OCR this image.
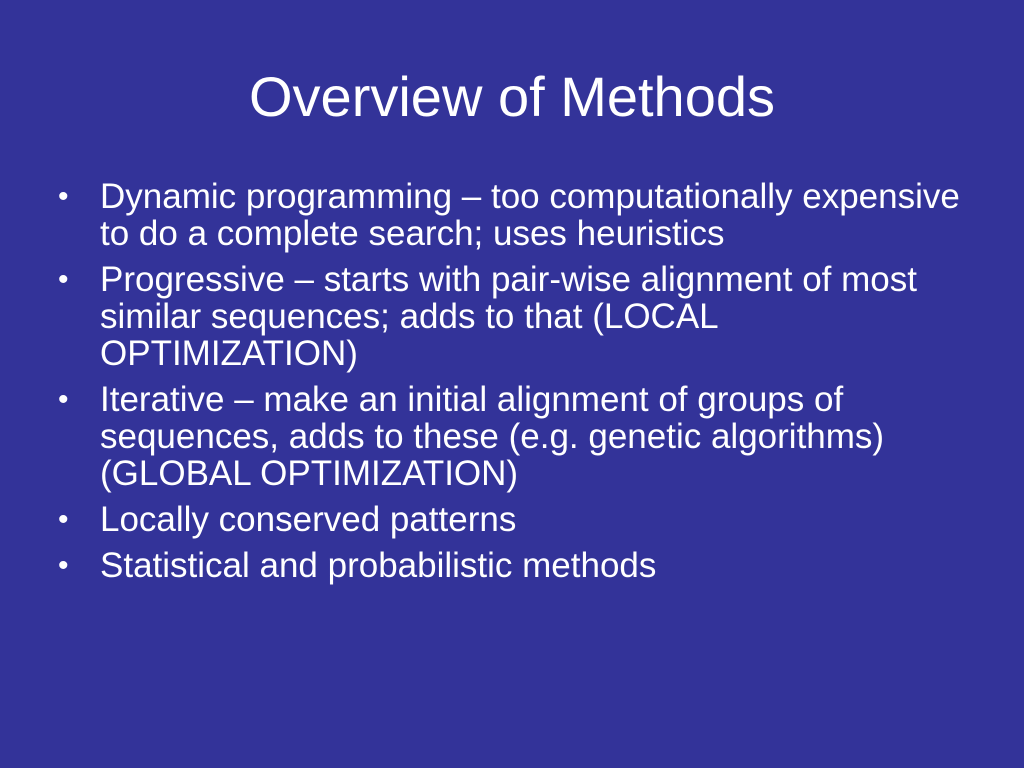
Overview of Methods
• Dynamic programming – too computationally expensive to do a complete search; uses heuristics
• Progressive – starts with pair-wise alignment of most similar sequences; adds to that (LOCAL OPTIMIZATION)
• Iterative – make an initial alignment of groups of sequences, adds to these (e.g. genetic algorithms) (GLOBAL OPTIMIZATION)
• Locally conserved patterns
• Statistical and probabilistic methods
